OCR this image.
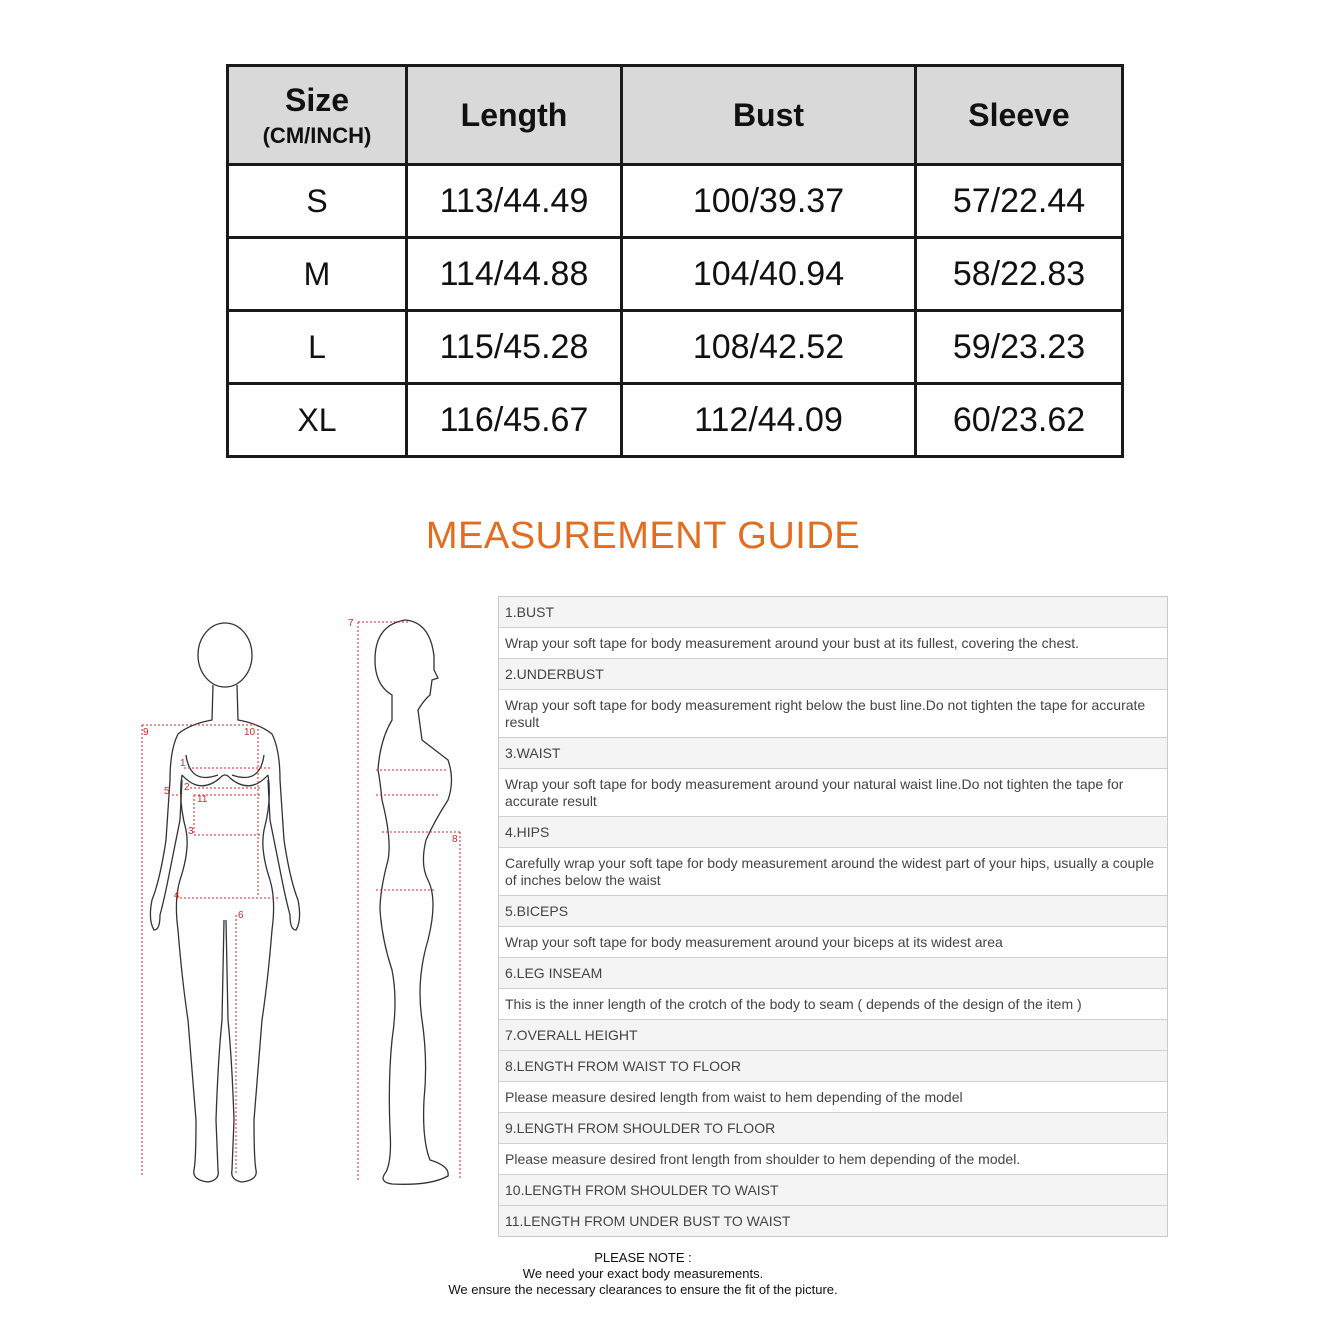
Size
(CM/INCH)	Length	Bust	Sleeve
S	113/44.49	100/39.37	57/22.44
M	114/44.88	104/40.94	58/22.83
L	115/45.28	108/42.52	59/23.23
XL	116/45.67	112/44.09	60/23.62
MEASUREMENT GUIDE
1
2
3
4
5
6
7
8
9	10
11
1.BUST
Wrap your soft tape for body measurement around your bust at its fullest, covering the chest.
2.UNDERBUST
Wrap your soft tape for body measurement right below the bust line.Do not tighten the tape for accurate result
3.WAIST
Wrap your soft tape for body measurement around your natural waist line.Do not tighten the tape for accurate result
4.HIPS
Carefully wrap your soft tape for body measurement around the widest part of your hips, usually a couple of inches below the waist
5.BICEPS
Wrap your soft tape for body measurement around your biceps at its widest area
6.LEG INSEAM
This is the inner length of the crotch of the body to seam ( depends of the design of the item )
7.OVERALL HEIGHT
8.LENGTH FROM WAIST TO FLOOR
Please measure desired length from waist to hem depending of the model
9.LENGTH FROM SHOULDER TO FLOOR
Please measure desired front length from shoulder to hem depending of the model.
10.LENGTH FROM SHOULDER TO WAIST
11.LENGTH FROM UNDER BUST TO WAIST
PLEASE NOTE :
We need your exact body measurements.
We ensure the necessary clearances to ensure the fit of the picture.
